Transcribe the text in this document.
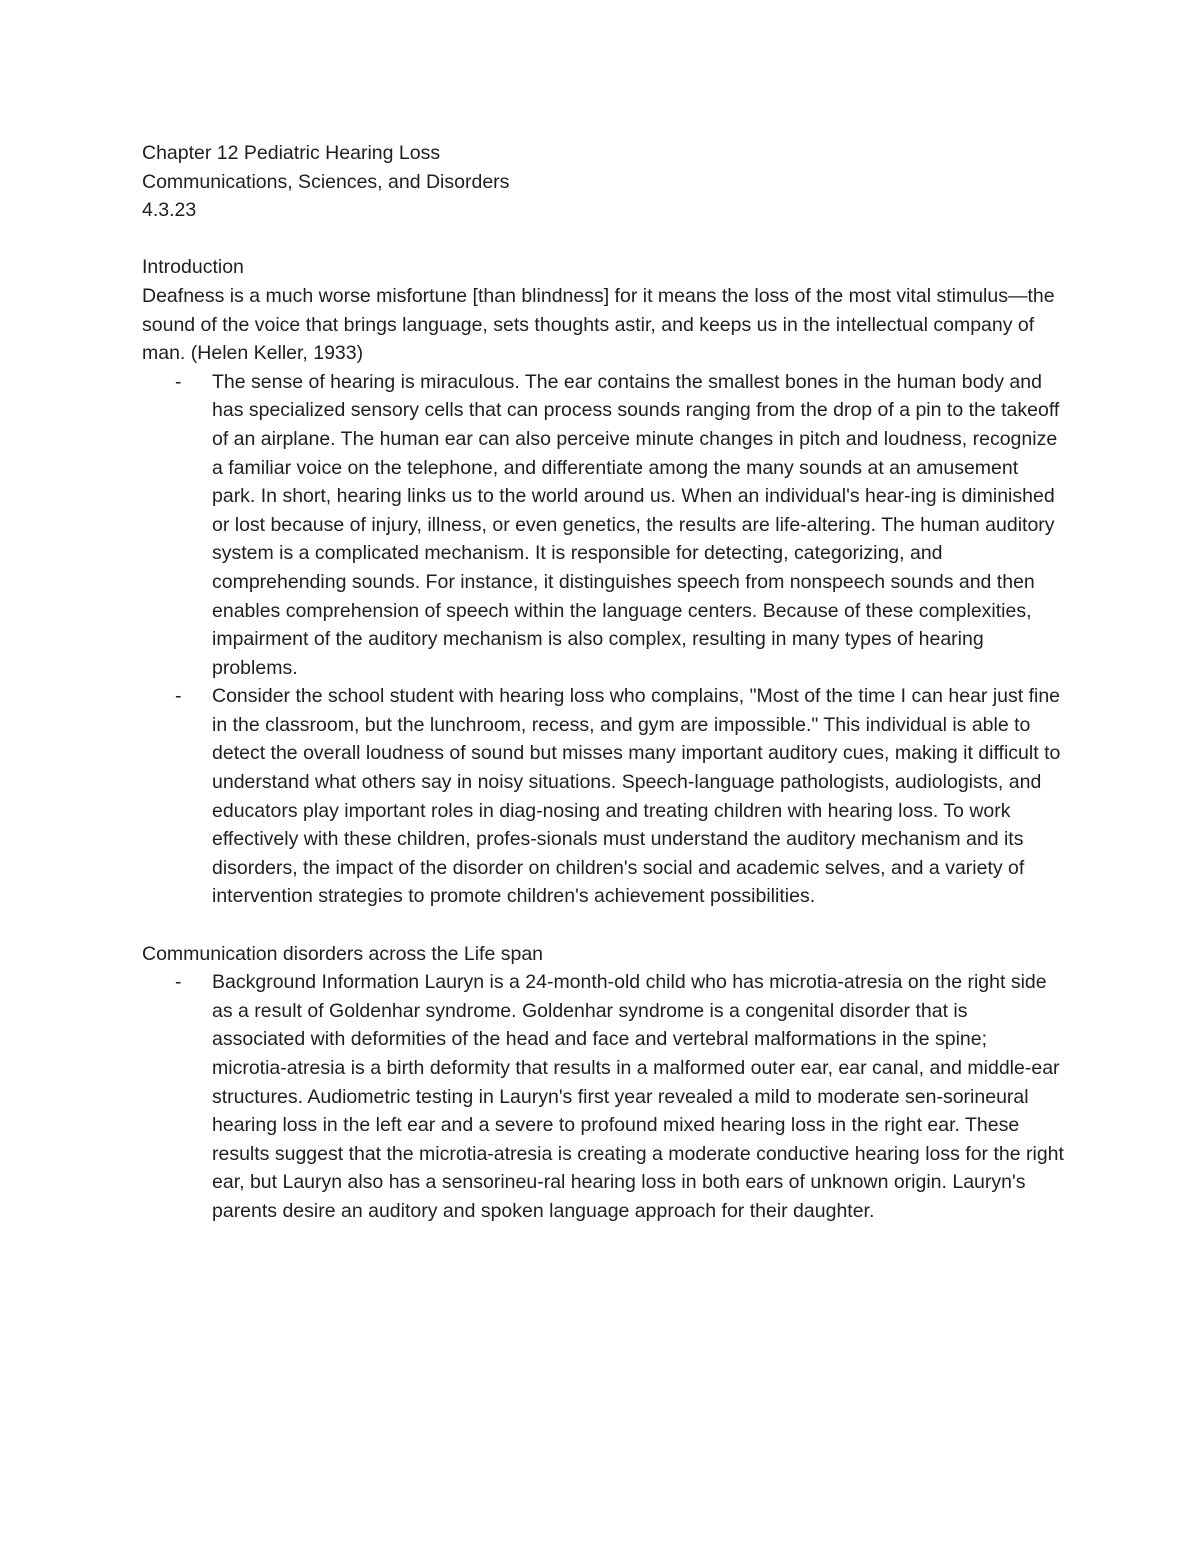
Chapter 12 Pediatric Hearing Loss
Communications, Sciences, and Disorders
4.3.23
Introduction

Deafness is a much worse misfortune [than blindness] for it means the loss of the most vital stimulus—the sound of the voice that brings language, sets thoughts astir, and keeps us in the intellectual company of man. (Helen Keller, 1933)

- The sense of hearing is miraculous. The ear contains the smallest bones in the human body and has specialized sensory cells that can process sounds ranging from the drop of a pin to the takeoff of an airplane. The human ear can also perceive minute changes in pitch and loudness, recognize a familiar voice on the telephone, and differentiate among the many sounds at an amusement park. In short, hearing links us to the world around us. When an individual's hear-ing is diminished or lost because of injury, illness, or even genetics, the results are life-altering. The human auditory system is a complicated mechanism. It is responsible for detecting, categorizing, and comprehending sounds. For instance, it distinguishes speech from nonspeech sounds and then enables comprehension of speech within the language centers. Because of these complexities, impairment of the auditory mechanism is also complex, resulting in many types of hearing problems.
- Consider the school student with hearing loss who complains, "Most of the time I can hear just fine in the classroom, but the lunchroom, recess, and gym are impossible." This individual is able to detect the overall loudness of sound but misses many important auditory cues, making it difficult to understand what others say in noisy situations. Speech-language pathologists, audiologists, and educators play important roles in diag-nosing and treating children with hearing loss. To work effectively with these children, profes-sionals must understand the auditory mechanism and its disorders, the impact of the disorder on children's social and academic selves, and a variety of intervention strategies to promote children's achievement possibilities.
Communication disorders across the Life span
- Background Information Lauryn is a 24-month-old child who has microtia-atresia on the right side as a result of Goldenhar syndrome. Goldenhar syndrome is a congenital disorder that is associated with deformities of the head and face and vertebral malformations in the spine; microtia-atresia is a birth deformity that results in a malformed outer ear, ear canal, and middle-ear structures. Audiometric testing in Lauryn's first year revealed a mild to moderate sen-sorineural hearing loss in the left ear and a severe to profound mixed hearing loss in the right ear. These results suggest that the microtia-atresia is creating a moderate conductive hearing loss for the right ear, but Lauryn also has a sensorineu-ral hearing loss in both ears of unknown origin. Lauryn's parents desire an auditory and spoken language approach for their daughter.
